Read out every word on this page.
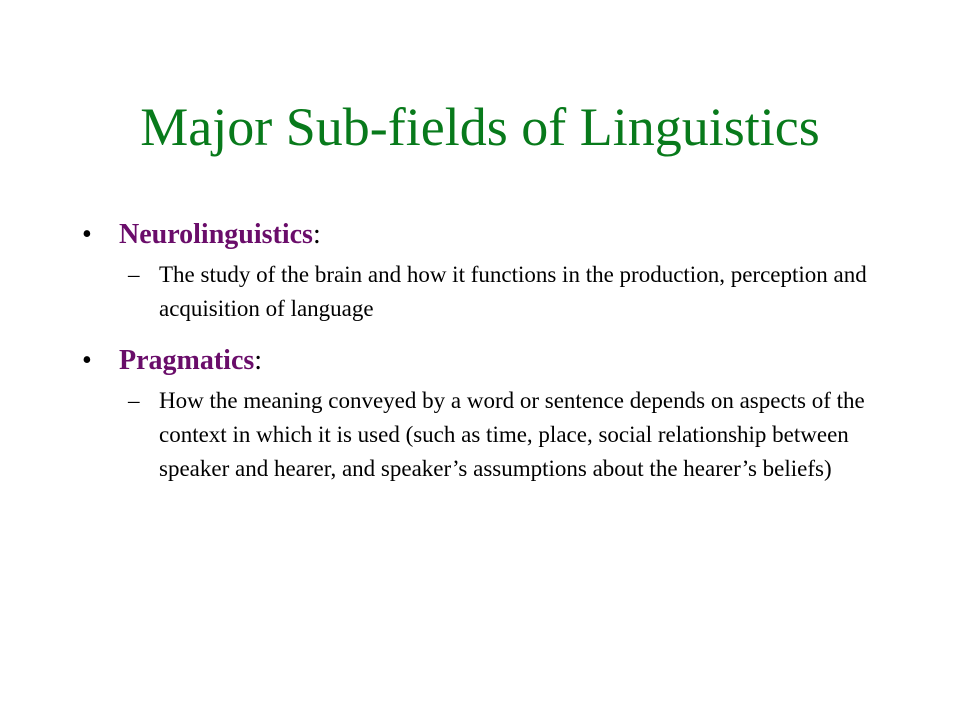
Major Sub-fields of Linguistics
• Neurolinguistics:
– The study of the brain and how it functions in the production, perception and acquisition of language
• Pragmatics:
– How the meaning conveyed by a word or sentence depends on aspects of the context in which it is used (such as time, place, social relationship between speaker and hearer, and speaker’s assumptions about the hearer’s beliefs)
